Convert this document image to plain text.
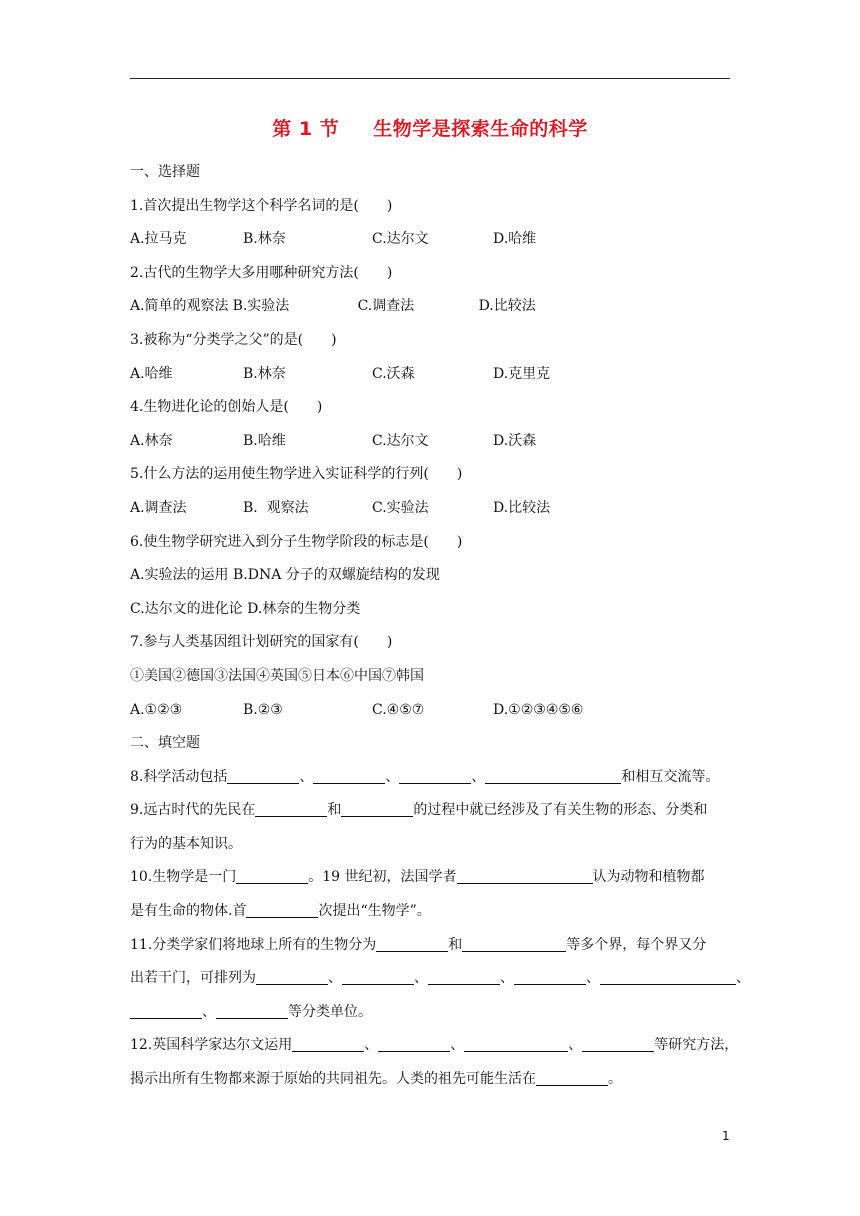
第 1 节 生物学是探索生命的科学
一、选择题
1.首次提出生物学这个科学名词的是(　　)
A.拉马克	B.林奈	C.达尔文	D.哈维
2.古代的生物学大多用哪种研究方法(　　)
A.简单的观察法 B.实验法	C.调查法	D.比较法
3.被称为“分类学之父”的是(　　)
A.哈维	B.林奈	C.沃森	D.克里克
4.生物进化论的创始人是(　　)
A.林奈	B.哈维	C.达尔文	D.沃森
5.什么方法的运用使生物学进入实证科学的行列(　　)
A.调查法	B.  观察法	C.实验法	D.比较法
6.使生物学研究进入到分子生物学阶段的标志是(　　)
A.实验法的运用 B.DNA 分子的双螺旋结构的发现
C.达尔文的进化论 D.林奈的生物分类
7.参与人类基因组计划研究的国家有(　　)
①美国②德国③法国④英国⑤日本⑥中国⑦韩国
A.①②③	B.②③	C.④⑤⑦	D.①②③④⑤⑥
二、填空题
8.科学活动包括	、	、	、	和相互交流等。
9.远古时代的先民在	和	的过程中就已经涉及了有关生物的形态、分类和
行为的基本知识。
10.生物学是一门	。19 世纪初，法国学者	认为动物和植物都
是有生命的物体.首	次提出“生物学”。
11.分类学家们将地球上所有的生物分为	和	等多个界，每个界又分
出若干门，可排列为	、	、	、	、	、
、	等分类单位。
12.英国科学家达尔文运用	、	、	、	等研究方法，
揭示出所有生物都来源于原始的共同祖先。人类的祖先可能生活在	。
1
